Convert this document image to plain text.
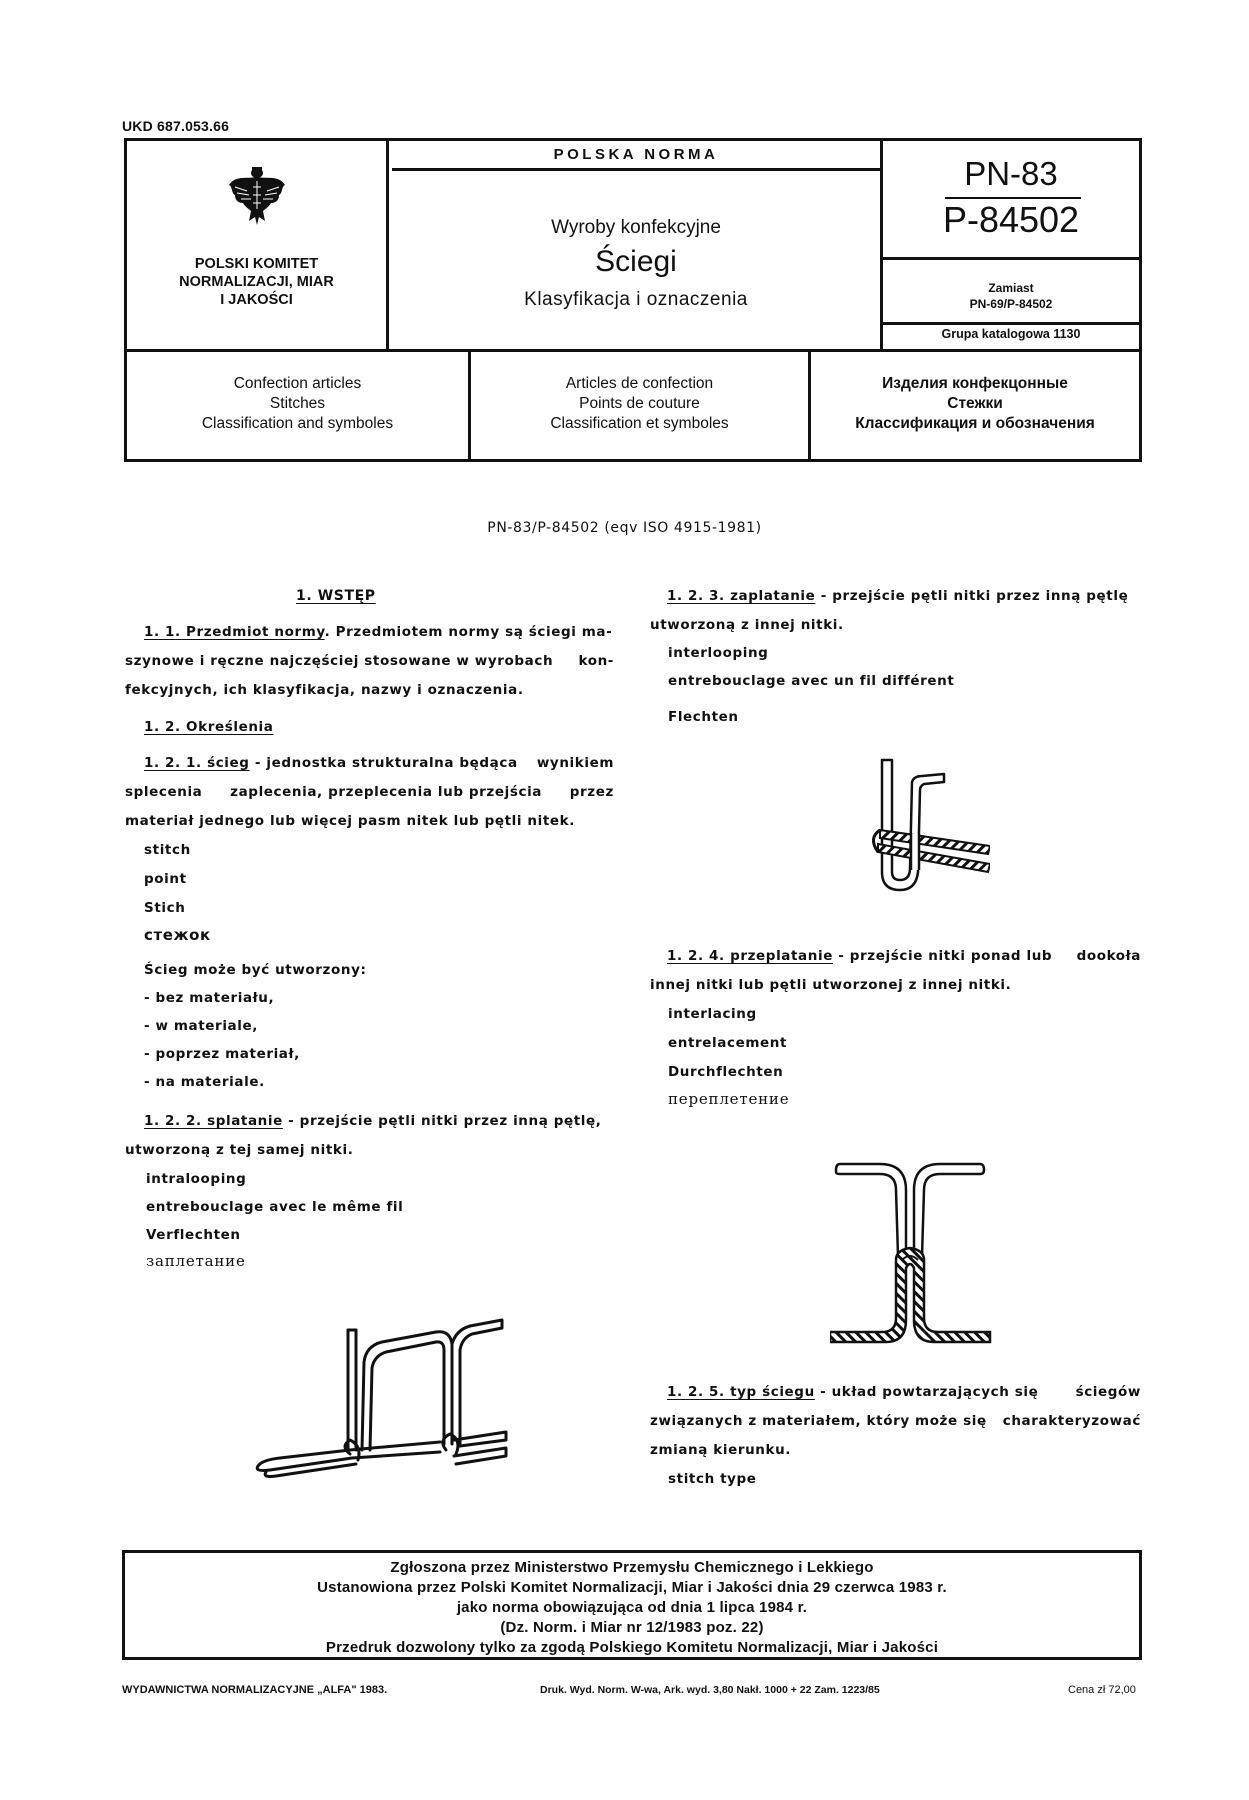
UKD 687.053.66
POLSKI KOMITET
NORMALIZACJI, MIAR
I JAKOŚCI
POLSKA NORMA
Wyroby konfekcyjne
Ściegi
Klasyfikacja i oznaczenia
PN-83
P-84502
Zamiast
PN-69/P-84502
Grupa katalogowa 1130
Confection articles
Stitches
Classification and symboles
Articles de confection
Points de couture
Classification et symboles
Изделия конфекцонные
Стежки
Классификация и обозначения
PN-83/P-84502 (eqv ISO 4915-1981)
1. WSTĘP
1. 1. Przedmiot normy. Przedmiotem normy są ściegi ma-
szynowe i ręczne najczęściej stosowane w wyrobach kon-
fekcyjnych, ich klasyfikacja, nazwy i oznaczenia.
1. 2. Określenia
1. 2. 1. ścieg - jednostka strukturalna będąca wynikiem
splecenia zaplecenia, przeplecenia lub przejścia przez
materiał jednego lub więcej pasm nitek lub pętli nitek.
stitch
point
Stich
стежок
Ścieg może być utworzony:
- bez materiału,
- w materiale,
- poprzez materiał,
- na materiale.
1. 2. 2. splatanie - przejście pętli nitki przez inną pętlę,
utworzoną z tej samej nitki.
intralooping
entrebouclage avec le même fil
Verflechten
заплетание
1. 2. 3. zaplatanie - przejście pętli nitki przez inną pętlę
utworzoną z innej nitki.
interlooping
entrebouclage avec un fil différent
Flechten
1. 2. 4. przeplatanie - przejście nitki ponad lub dookoła
innej nitki lub pętli utworzonej z innej nitki.
interlacing
entrelacement
Durchflechten
переплетение
1. 2. 5. typ ściegu - układ powtarzających się	ściegów
związanych z materiałem, który może się charakteryzować
zmianą kierunku.
stitch type
Zgłoszona przez Ministerstwo Przemysłu Chemicznego i Lekkiego
Ustanowiona przez Polski Komitet Normalizacji, Miar i Jakości dnia 29 czerwca 1983 r.
jako norma obowiązująca od dnia 1 lipca 1984 r.
(Dz. Norm. i Miar nr 12/1983 poz. 22)
Przedruk dozwolony tylko za zgodą Polskiego Komitetu Normalizacji, Miar i Jakości
WYDAWNICTWA NORMALIZACYJNE „ALFA" 1983.	Druk. Wyd. Norm. W-wa, Ark. wyd. 3,80 Nakł. 1000 + 22 Zam. 1223/85	Cena zł 72,00
